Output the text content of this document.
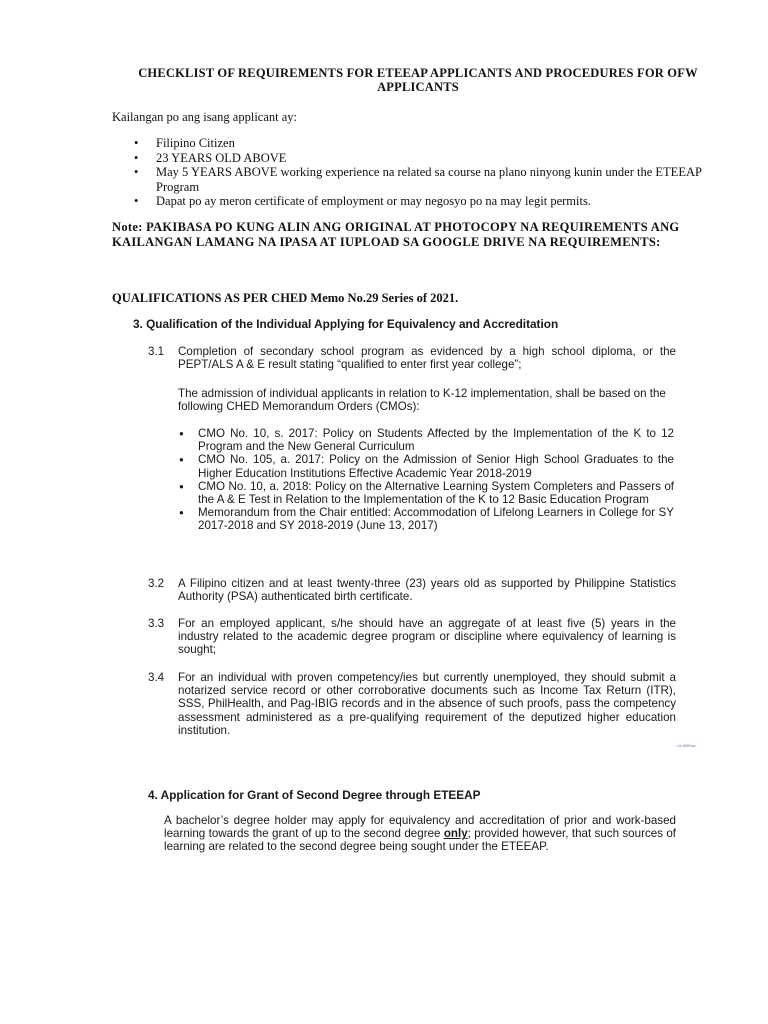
CHECKLIST OF REQUIREMENTS FOR ETEEAP APPLICANTS AND PROCEDURES FOR OFW APPLICANTS
Kailangan po ang isang applicant ay:
• Filipino Citizen
• 23 YEARS OLD ABOVE
• May 5 YEARS ABOVE working experience na related sa course na plano ninyong kunin under the ETEEAP Program
• Dapat po ay meron certificate of employment or may negosyo po na may legit permits.
Note: PAKIBASA PO KUNG ALIN ANG ORIGINAL AT PHOTOCOPY NA REQUIREMENTS ANG KAILANGAN LAMANG NA IPASA AT IUPLOAD SA GOOGLE DRIVE NA REQUIREMENTS:
QUALIFICATIONS AS PER CHED Memo No.29 Series of 2021.
3. Qualification of the Individual Applying for Equivalency and Accreditation
3.1 Completion of secondary school program as evidenced by a high school diploma, or the PEPT/ALS A & E result stating “qualified to enter first year college”;
The admission of individual applicants in relation to K-12 implementation, shall be based on the following CHED Memorandum Orders (CMOs):
● CMO No. 10, s. 2017: Policy on Students Affected by the Implementation of the K to 12 Program and the New General Curriculum
● CMO No. 105, a. 2017: Policy on the Admission of Senior High School Graduates to the Higher Education Institutions Effective Academic Year 2018-2019
● CMO No. 10, a. 2018: Policy on the Alternative Learning System Completers and Passers of the A & E Test in Relation to the Implementation of the K to 12 Basic Education Program
● Memorandum from the Chair entitled: Accommodation of Lifelong Learners in College for SY 2017-2018 and SY 2018-2019 (June 13, 2017)
3.2 A Filipino citizen and at least twenty-three (23) years old as supported by Philippine Statistics Authority (PSA) authenticated birth certificate.
3.3 For an employed applicant, s/he should have an aggregate of at least five (5) years in the industry related to the academic degree program or discipline where equivalency of learning is sought;
3.4 For an individual with proven competency/ies but currently unemployed, they should submit a notarized service record or other corroborative documents such as Income Tax Return (ITR), SSS, PhilHealth, and Pag-IBIG records and in the absence of such proofs, pass the competency assessment administered as a pre-qualifying requirement of the deputized higher education institution.
...ld 8000ac
4. Application for Grant of Second Degree through ETEEAP
A bachelor’s degree holder may apply for equivalency and accreditation of prior and work-based learning towards the grant of up to the second degree only; provided however, that such sources of learning are related to the second degree being sought under the ETEEAP.
